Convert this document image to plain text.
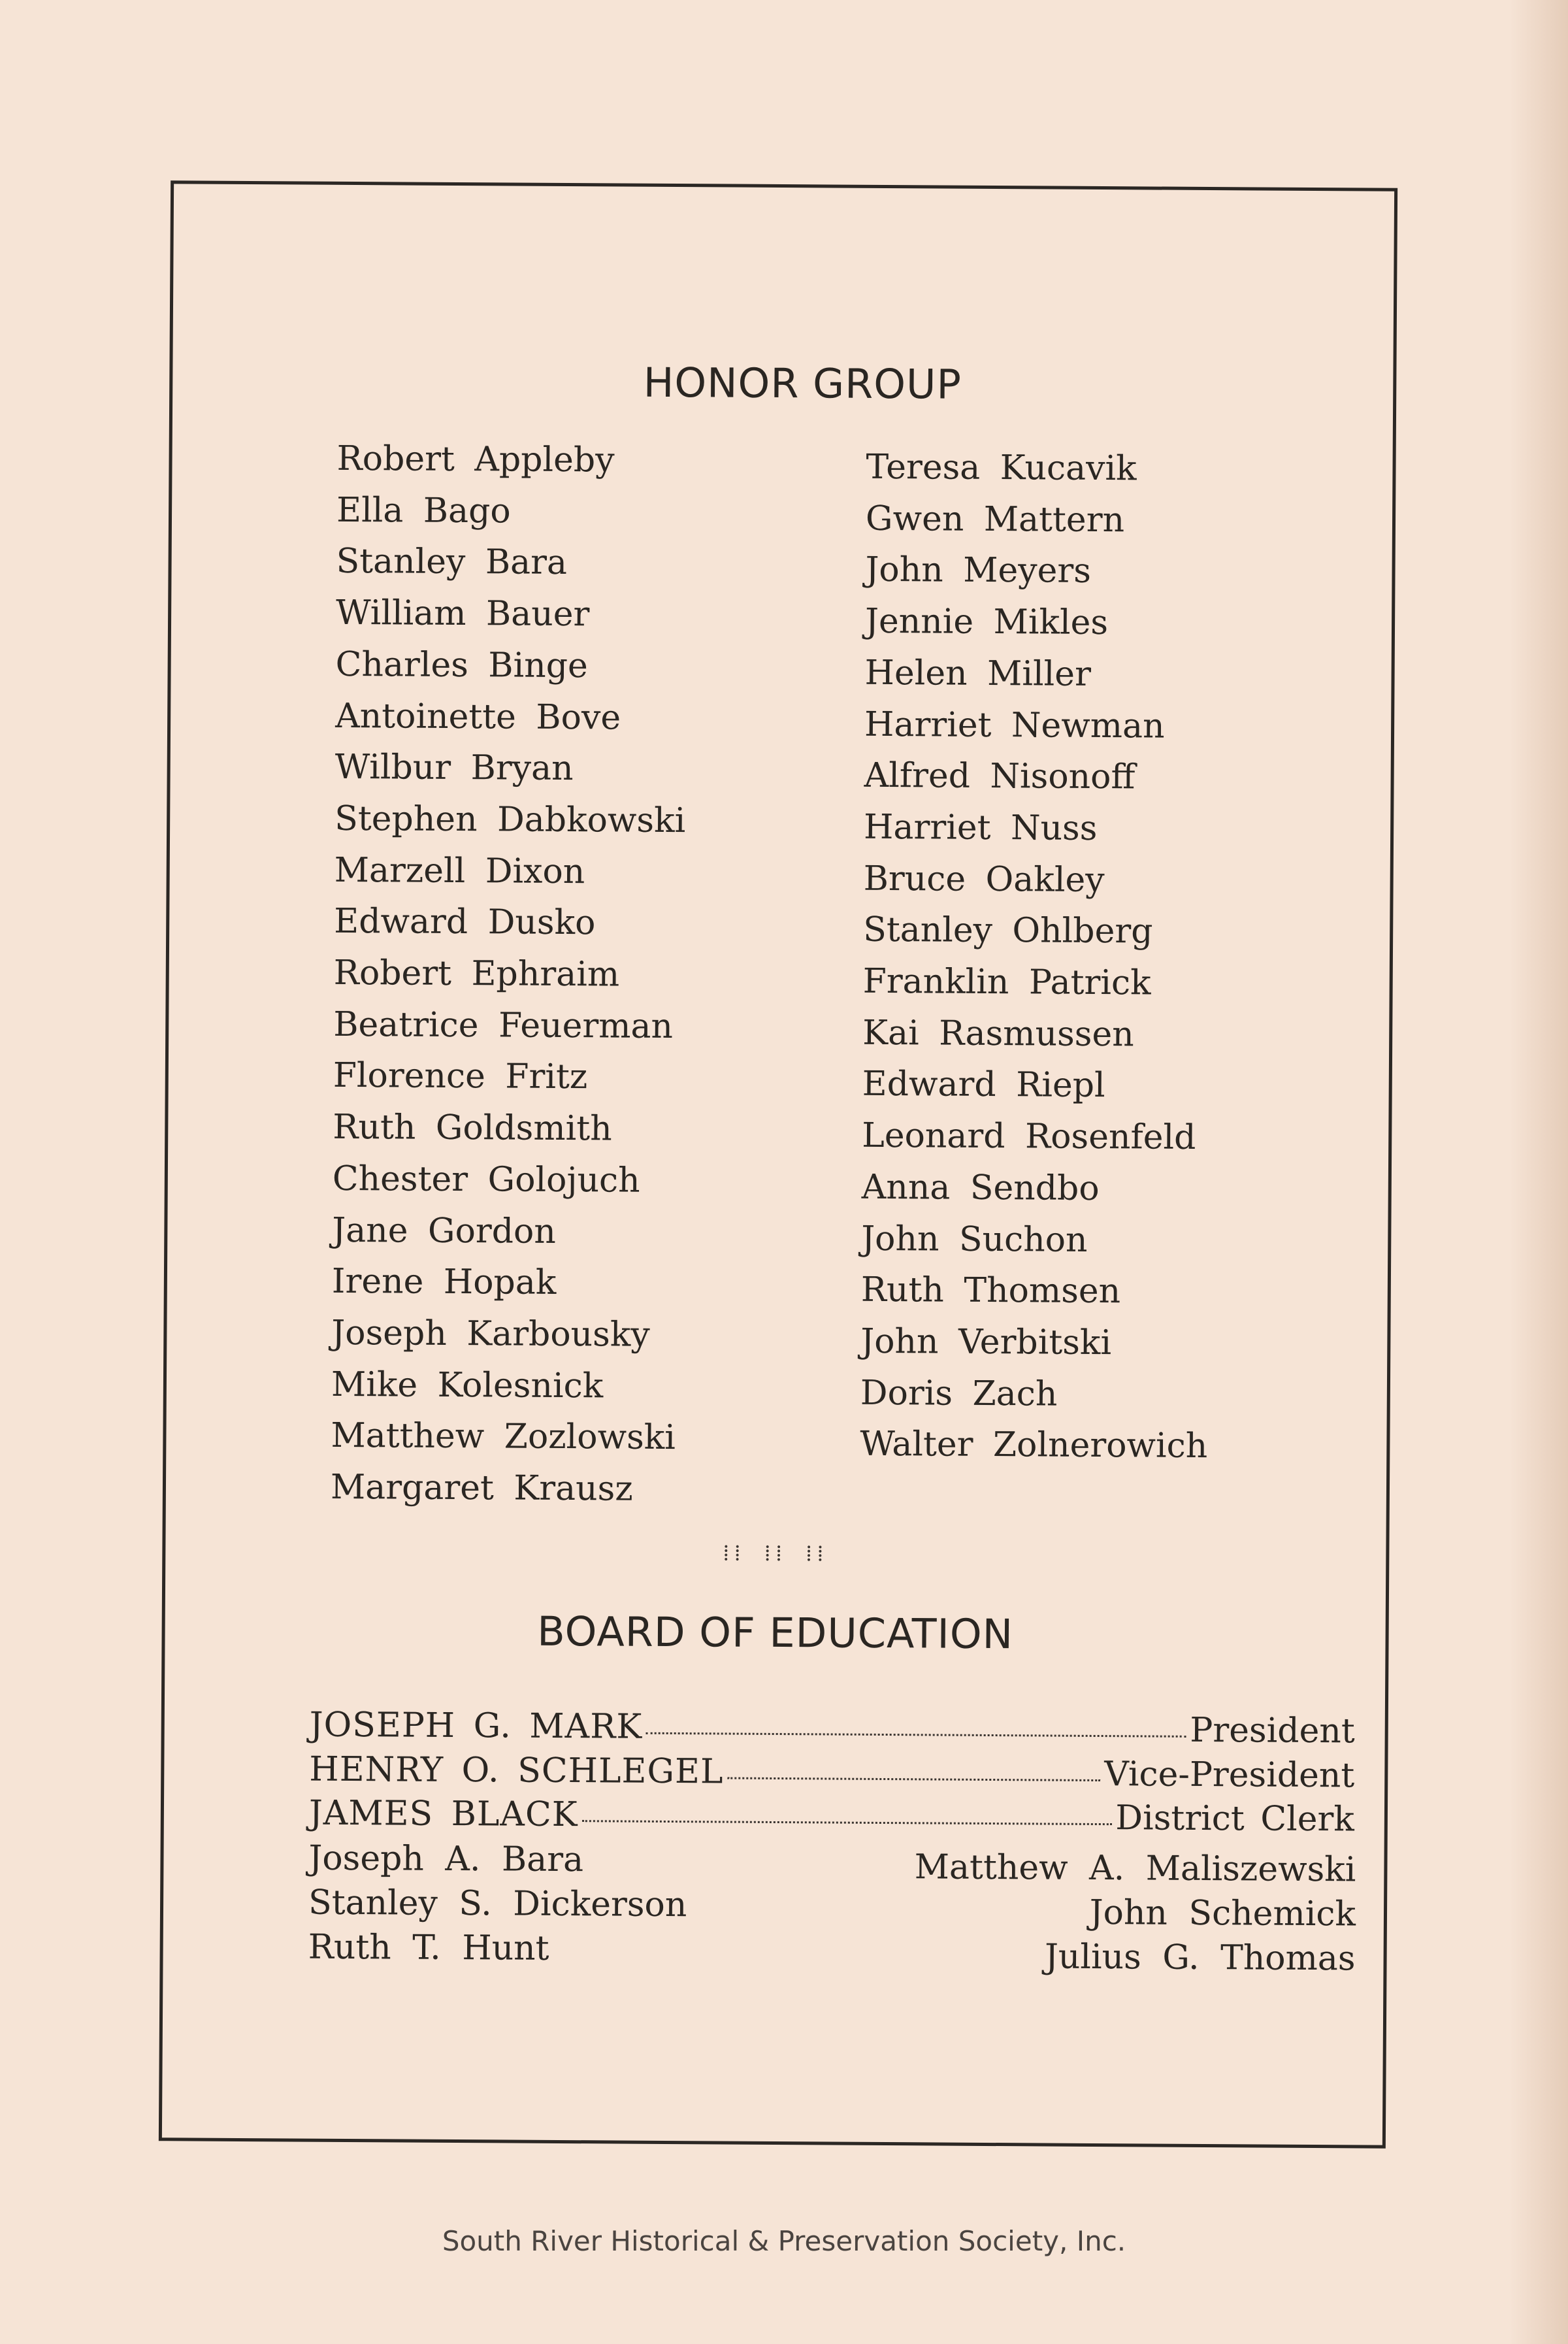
HONOR GROUP
Robert Appleby
Ella Bago
Stanley Bara
William Bauer
Charles Binge
Antoinette Bove
Wilbur Bryan
Stephen Dabkowski
Marzell Dixon
Edward Dusko
Robert Ephraim
Beatrice Feuerman
Florence Fritz
Ruth Goldsmith
Chester Golojuch
Jane Gordon
Irene Hopak
Joseph Karbousky
Mike Kolesnick
Matthew Zozlowski
Margaret Krausz
Teresa Kucavik
Gwen Mattern
John Meyers
Jennie Mikles
Helen Miller
Harriet Newman
Alfred Nisonoff
Harriet Nuss
Bruce Oakley
Stanley Ohlberg
Franklin Patrick
Kai Rasmussen
Edward Riepl
Leonard Rosenfeld
Anna Sendbo
John Suchon
Ruth Thomsen
John Verbitski
Doris Zach
Walter Zolnerowich
⁞⁞ ⁞⁞ ⁞⁞
BOARD OF EDUCATION
JOSEPH G. MARK	President
HENRY O. SCHLEGEL	Vice-President
JAMES BLACK	District Clerk
Joseph A. Bara
Stanley S. Dickerson
Ruth T. Hunt
Matthew A. Maliszewski
John Schemick
Julius G. Thomas
South River Historical & Preservation Society, Inc.
